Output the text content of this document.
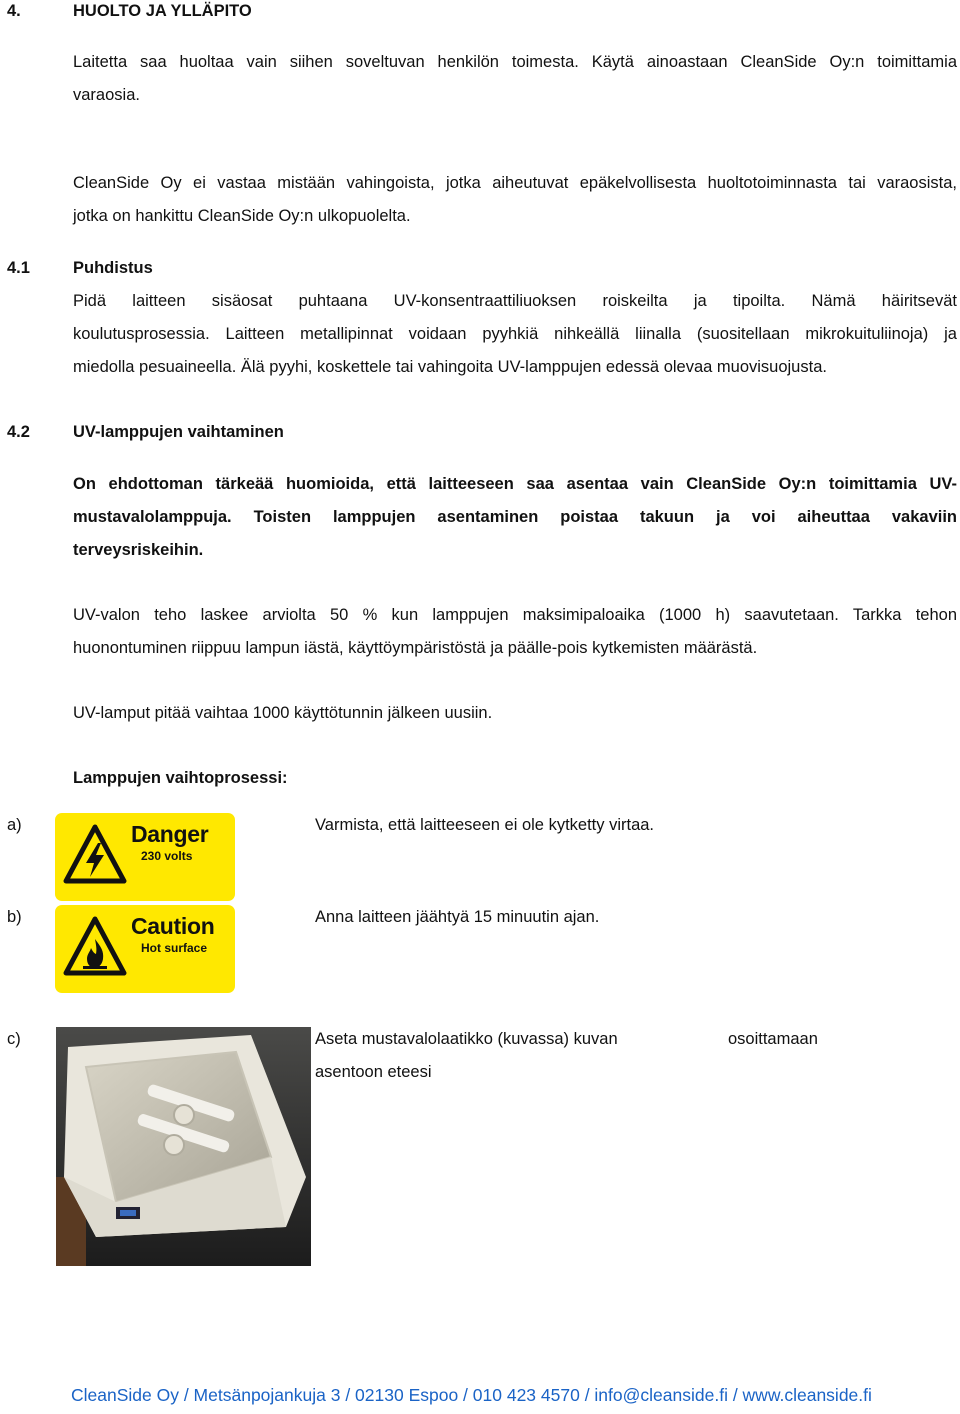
4.	HUOLTO JA YLLÄPITO
Laitetta saa huoltaa vain siihen soveltuvan henkilön toimesta. Käytä ainoastaan CleanSide Oy:n toimittamia
varaosia.
CleanSide Oy ei vastaa mistään vahingoista, jotka aiheutuvat epäkelvollisesta huoltotoiminnasta tai varaosista,
jotka on hankittu CleanSide Oy:n ulkopuolelta.
4.1	Puhdistus
Pidä laitteen sisäosat puhtaana UV-konsentraattiliuoksen roiskeilta ja tipoilta. Nämä häiritsevät
koulutusprosessia. Laitteen metallipinnat voidaan pyyhkiä nihkeällä liinalla (suositellaan mikrokuituliinoja) ja
miedolla pesuaineella. Älä pyyhi, koskettele tai vahingoita UV-lamppujen edessä olevaa muovisuojusta.
4.2	UV-lamppujen vaihtaminen
On ehdottoman tärkeää huomioida, että laitteeseen saa asentaa vain CleanSide Oy:n toimittamia UV-
mustavalolamppuja. Toisten lamppujen asentaminen poistaa takuun ja voi aiheuttaa vakaviin
terveysriskeihin.
UV-valon teho laskee arviolta 50 % kun lamppujen maksimipaloaika (1000 h) saavutetaan. Tarkka tehon
huonontuminen riippuu lampun iästä, käyttöympäristöstä ja päälle-pois kytkemisten määrästä.
UV-lamput pitää vaihtaa 1000 käyttötunnin jälkeen uusiin.
Lamppujen vaihtoprosessi:
a)	Danger
230 volts
Varmista, että laitteeseen ei ole kytketty virtaa.
b)	Caution
Hot surface
Anna laitteen jäähtyä 15 minuutin ajan.
c)	Aseta mustavalolaatikko (kuvassa) kuvan	osoittamaan
asentoon eteesi
CleanSide Oy / Metsänpojankuja 3 / 02130 Espoo / 010 423 4570 / info@cleanside.fi / www.cleanside.fi
